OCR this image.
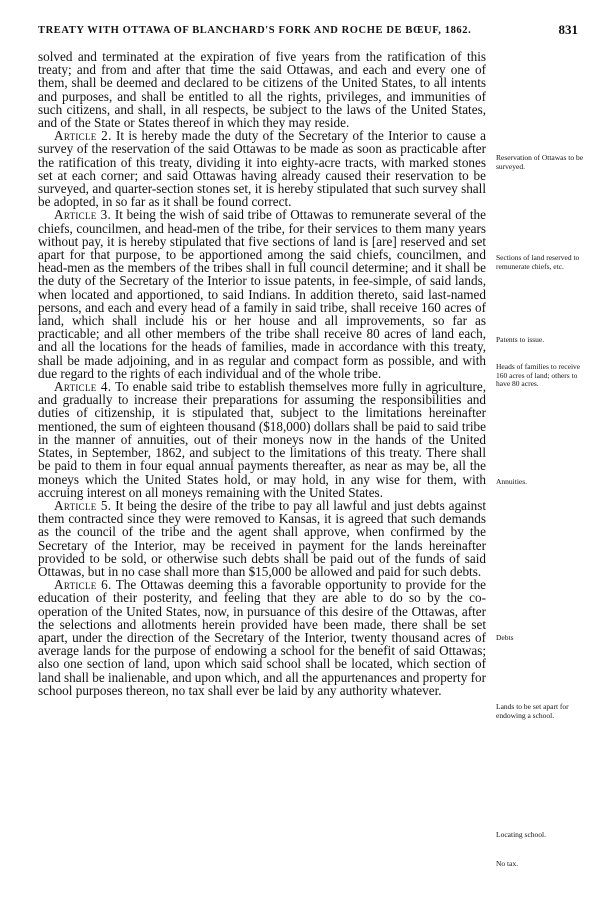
TREATY WITH OTTAWA OF BLANCHARD'S FORK AND ROCHE DE BŒUF, 1862.	831

solved and terminated at the expiration of five years from the ratification of this treaty; and from and after that time the said Ottawas, and each and every one of them, shall be deemed and declared to be citizens of the United States, to all intents and purposes, and shall be entitled to all the rights, privileges, and immunities of such citizens, and shall, in all respects, be subject to the laws of the United States, and of the State or States thereof in which they may reside.

Article 2. It is hereby made the duty of the Secretary of the Interior to cause a survey of the reservation of the said Ottawas to be made as soon as practicable after the ratification of this treaty, dividing it into eighty-acre tracts, with marked stones set at each corner; and said Ottawas having already caused their reservation to be surveyed, and quarter-section stones set, it is hereby stipulated that such survey shall be adopted, in so far as it shall be found correct.

Article 3. It being the wish of said tribe of Ottawas to remunerate several of the chiefs, councilmen, and head-men of the tribe, for their services to them many years without pay, it is hereby stipulated that five sections of land is [are] reserved and set apart for that purpose, to be apportioned among the said chiefs, councilmen, and head-men as the members of the tribes shall in full council determine; and it shall be the duty of the Secretary of the Interior to issue patents, in fee-simple, of said lands, when located and apportioned, to said Indians. In addition thereto, said last-named persons, and each and every head of a family in said tribe, shall receive 160 acres of land, which shall include his or her house and all improvements, so far as practicable; and all other members of the tribe shall receive 80 acres of land each, and all the locations for the heads of families, made in accordance with this treaty, shall be made adjoining, and in as regular and compact form as possible, and with due regard to the rights of each individual and of the whole tribe.

Article 4. To enable said tribe to establish themselves more fully in agriculture, and gradually to increase their preparations for assuming the responsibilities and duties of citizenship, it is stipulated that, subject to the limitations hereinafter mentioned, the sum of eighteen thousand ($18,000) dollars shall be paid to said tribe in the manner of annuities, out of their moneys now in the hands of the United States, in September, 1862, and subject to the limitations of this treaty. There shall be paid to them in four equal annual payments thereafter, as near as may be, all the moneys which the United States hold, or may hold, in any wise for them, with accruing interest on all moneys remaining with the United States.

Article 5. It being the desire of the tribe to pay all lawful and just debts against them contracted since they were removed to Kansas, it is agreed that such demands as the council of the tribe and the agent shall approve, when confirmed by the Secretary of the Interior, may be received in payment for the lands hereinafter provided to be sold, or otherwise such debts shall be paid out of the funds of said Ottawas, but in no case shall more than $15,000 be allowed and paid for such debts.

Article 6. The Ottawas deeming this a favorable opportunity to provide for the education of their posterity, and feeling that they are able to do so by the co-operation of the United States, now, in pursuance of this desire of the Ottawas, after the selections and allotments herein provided have been made, there shall be set apart, under the direction of the Secretary of the Interior, twenty thousand acres of average lands for the purpose of endowing a school for the benefit of said Ottawas; also one section of land, upon which said school shall be located, which section of land shall be inalienable, and upon which, and all the appurtenances and property for school purposes thereon, no tax shall ever be laid by any authority whatever.

Reservation of Ottawas to be surveyed.
Sections of land reserved to remunerate chiefs, etc.
Patents to issue.
Heads of families to receive 160 acres of land; others to have 80 acres.
Annuities.
Debts
Lands to be set apart for endowing a school.
Locating school.
No tax.
